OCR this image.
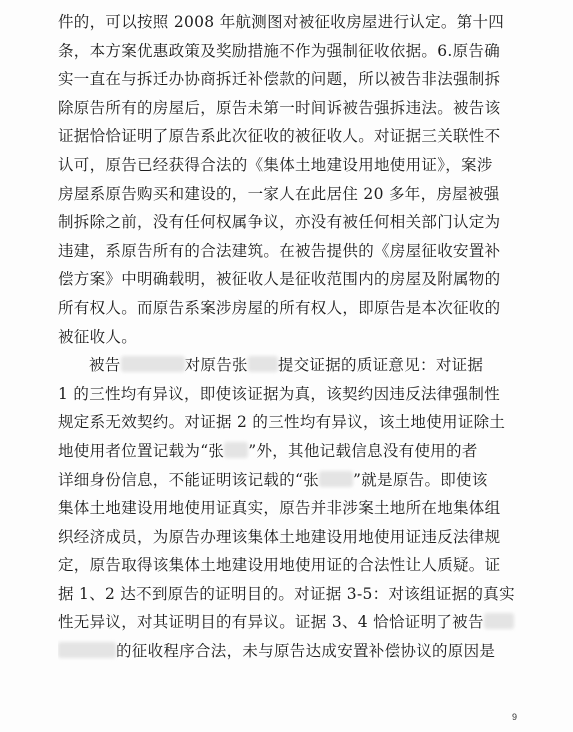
件的，可以按照 2008 年航测图对被征收房屋进行认定。第十四
条，本方案优惠政策及奖励措施不作为强制征收依据。6.原告确
实一直在与拆迁办协商拆迁补偿款的问题，所以被告非法强制拆
除原告所有的房屋后，原告未第一时间诉被告强拆违法。被告该
证据恰恰证明了原告系此次征收的被征收人。对证据三关联性不
认可，原告已经获得合法的《集体土地建设用地使用证》，案涉
房屋系原告购买和建设的，一家人在此居住 20 多年，房屋被强
制拆除之前，没有任何权属争议，亦没有被任何相关部门认定为
违建，系原告所有的合法建筑。在被告提供的《房屋征收安置补
偿方案》中明确载明，被征收人是征收范围内的房屋及附属物的
所有权人。而原告系案涉房屋的所有权人，即原告是本次征收的
被征收人。
被告	对原告张 提交证据的质证意见：对证据
1 的三性均有异议，即使该证据为真，该契约因违反法律强制性
规定系无效契约。对证据 2 的三性均有异议，该土地使用证除土
地使用者位置记载为“张 ”外，其他记载信息没有使用的者
详细身份信息，不能证明该记载的“张 ”就是原告。即使该
集体土地建设用地使用证真实，原告并非涉案土地所在地集体组
织经济成员，为原告办理该集体土地建设用地使用证违反法律规
定，原告取得该集体土地建设用地使用证的合法性让人质疑。证
据 1、2 达不到原告的证明目的。对证据 3-5：对该组证据的真实
性无异议，对其证明目的有异议。证据 3、4 恰恰证明了被告
的征收程序合法，未与原告达成安置补偿协议的原因是
9
